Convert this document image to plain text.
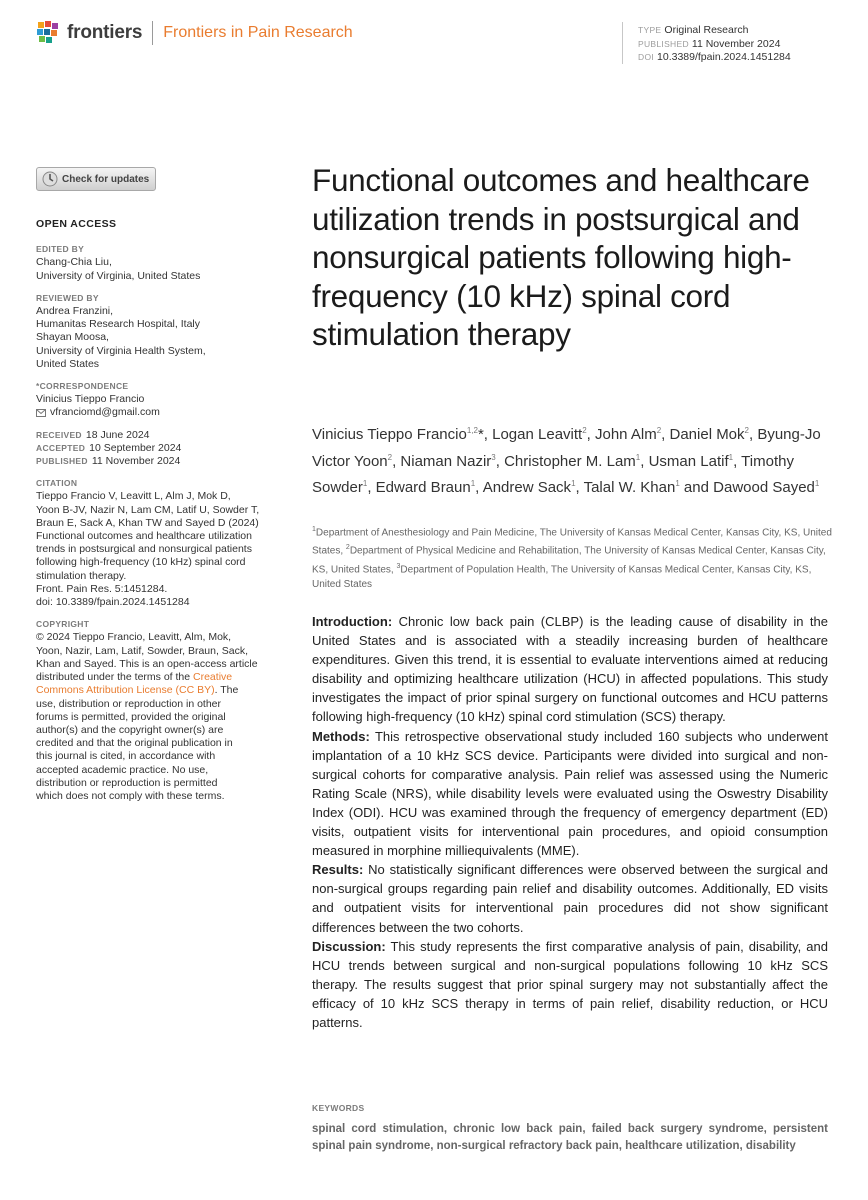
frontiers Frontiers in Pain Research	TYPE Original Research
PUBLISHED 11 November 2024
DOI 10.3389/fpain.2024.1451284
Check for updates
OPEN ACCESS
EDITED BY
Chang-Chia Liu,
University of Virginia, United States
REVIEWED BY
Andrea Franzini,
Humanitas Research Hospital, Italy
Shayan Moosa,
University of Virginia Health System,
United States
*CORRESPONDENCE
Vinicius Tieppo Francio
vfranciomd@gmail.com
RECEIVED 18 June 2024
ACCEPTED 10 September 2024
PUBLISHED 11 November 2024
CITATION
Tieppo Francio V, Leavitt L, Alm J, Mok D,
Yoon B-JV, Nazir N, Lam CM, Latif U, Sowder T,
Braun E, Sack A, Khan TW and Sayed D (2024)
Functional outcomes and healthcare utilization
trends in postsurgical and nonsurgical patients
following high-frequency (10 kHz) spinal cord
stimulation therapy.
Front. Pain Res. 5:1451284.
doi: 10.3389/fpain.2024.1451284
COPYRIGHT
© 2024 Tieppo Francio, Leavitt, Alm, Mok,
Yoon, Nazir, Lam, Latif, Sowder, Braun, Sack,
Khan and Sayed. This is an open-access article
distributed under the terms of the Creative
Commons Attribution License (CC BY). The
use, distribution or reproduction in other
forums is permitted, provided the original
author(s) and the copyright owner(s) are
credited and that the original publication in
this journal is cited, in accordance with
accepted academic practice. No use,
distribution or reproduction is permitted
which does not comply with these terms.
Functional outcomes and healthcare utilization trends in postsurgical and nonsurgical patients following high-frequency (10 kHz) spinal cord stimulation therapy
Vinicius Tieppo Francio$^{1,2}$*, Logan Leavitt$^2$, John Alm$^2$, Daniel Mok$^2$, Byung-Jo Victor Yoon$^2$, Niaman Nazir$^3$, Christopher M. Lam$^1$, Usman Latif$^1$, Timothy Sowder$^1$, Edward Braun$^1$, Andrew Sack$^1$, Talal W. Khan$^1$ and Dawood Sayed$^1$
$^1$Department of Anesthesiology and Pain Medicine, The University of Kansas Medical Center, Kansas City, KS, United States, $^2$Department of Physical Medicine and Rehabilitation, The University of Kansas Medical Center, Kansas City, KS, United States, $^3$Department of Population Health, The University of Kansas Medical Center, Kansas City, KS, United States

Introduction: Chronic low back pain (CLBP) is the leading cause of disability in the United States and is associated with a steadily increasing burden of healthcare expenditures. Given this trend, it is essential to evaluate interventions aimed at reducing disability and optimizing healthcare utilization (HCU) in affected populations. This study investigates the impact of prior spinal surgery on functional outcomes and HCU patterns following high-frequency (10 kHz) spinal cord stimulation (SCS) therapy.

Methods: This retrospective observational study included 160 subjects who underwent implantation of a 10 kHz SCS device. Participants were divided into surgical and non-surgical cohorts for comparative analysis. Pain relief was assessed using the Numeric Rating Scale (NRS), while disability levels were evaluated using the Oswestry Disability Index (ODI). HCU was examined through the frequency of emergency department (ED) visits, outpatient visits for interventional pain procedures, and opioid consumption measured in morphine milliequivalents (MME).

Results: No statistically significant differences were observed between the surgical and non-surgical groups regarding pain relief and disability outcomes. Additionally, ED visits and outpatient visits for interventional pain procedures did not show significant differences between the two cohorts.

Discussion: This study represents the first comparative analysis of pain, disability, and HCU trends between surgical and non-surgical populations following 10 kHz SCS therapy. The results suggest that prior spinal surgery may not substantially affect the efficacy of 10 kHz SCS therapy in terms of pain relief, disability reduction, or HCU patterns.

KEYWORDS
spinal cord stimulation, chronic low back pain, failed back surgery syndrome, persistent spinal pain syndrome, non-surgical refractory back pain, healthcare utilization, disability
